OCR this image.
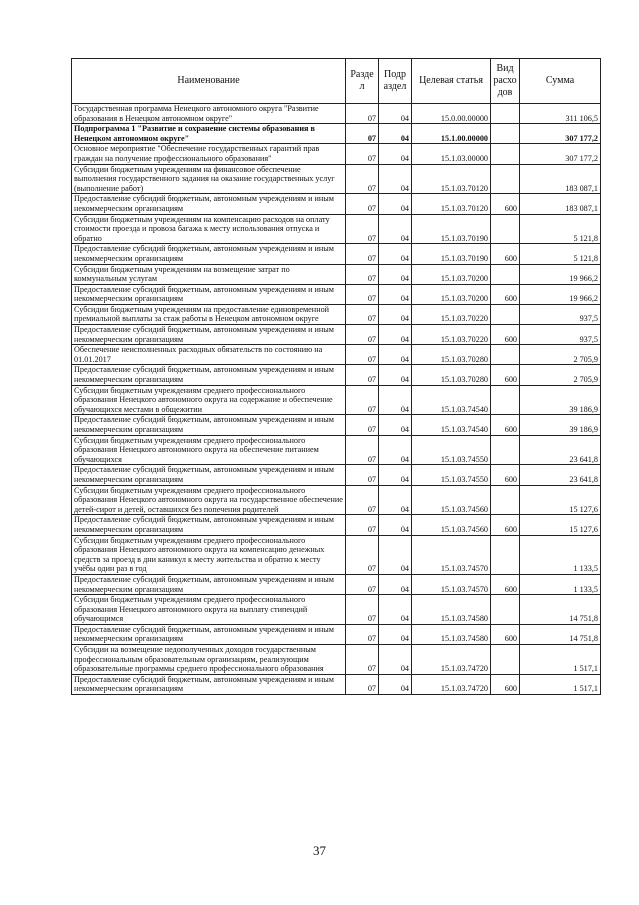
Наименование	Разде л	Подр аздел	Целевая статья	Вид расхо дов	Сумма
Государственная программа Ненецкого автономного округа "Развитие образования в Ненецком автономном округе"	07	04	15.0.00.00000		311 106,5
Подпрограмма 1 "Развитие и сохранение системы образования в Ненецком автономном округе"	07	04	15.1.00.00000		307 177,2
Основное мероприятие "Обеспечение государственных гарантий прав граждан на получение профессионального образования"	07	04	15.1.03.00000		307 177,2
Субсидии бюджетным учреждениям на финансовое обеспечение выполнения государственного задания на оказание государственных услуг (выполнение работ)	07	04	15.1.03.70120		183 087,1
Предоставление субсидий бюджетным, автономным учреждениям и иным некоммерческим организациям	07	04	15.1.03.70120	600	183 087,1
Субсидии бюджетным учреждениям на компенсацию расходов на оплату стоимости проезда и провоза багажа к месту использования отпуска и обратно	07	04	15.1.03.70190		5 121,8
Предоставление субсидий бюджетным, автономным учреждениям и иным некоммерческим организациям	07	04	15.1.03.70190	600	5 121,8
Субсидии бюджетным учреждениям на возмещение затрат по коммунальным услугам	07	04	15.1.03.70200		19 966,2
Предоставление субсидий бюджетным, автономным учреждениям и иным некоммерческим организациям	07	04	15.1.03.70200	600	19 966,2
Субсидии бюджетным учреждениям на предоставление единовременной премиальной выплаты за стаж работы в Ненецком автономном округе	07	04	15.1.03.70220		937,5
Предоставление субсидий бюджетным, автономным учреждениям и иным некоммерческим организациям	07	04	15.1.03.70220	600	937,5
Обеспечение неисполненных расходных обязательств по состоянию на 01.01.2017	07	04	15.1.03.70280		2 705,9
Предоставление субсидий бюджетным, автономным учреждениям и иным некоммерческим организациям	07	04	15.1.03.70280	600	2 705,9
Субсидии бюджетным учреждениям среднего профессионального образования Ненецкого автономного округа на содержание и обеспечение обучающихся местами в общежитии	07	04	15.1.03.74540		39 186,9
Предоставление субсидий бюджетным, автономным учреждениям и иным некоммерческим организациям	07	04	15.1.03.74540	600	39 186,9
Субсидии бюджетным учреждениям среднего профессионального образования Ненецкого автономного округа на обеспечение питанием обучающихся	07	04	15.1.03.74550		23 641,8
Предоставление субсидий бюджетным, автономным учреждениям и иным некоммерческим организациям	07	04	15.1.03.74550	600	23 641,8
Субсидии бюджетным учреждениям среднего профессионального образования Ненецкого автономного округа на государственное обеспечение детей-сирот и детей, оставшихся без попечения родителей	07	04	15.1.03.74560		15 127,6
Предоставление субсидий бюджетным, автономным учреждениям и иным некоммерческим организациям	07	04	15.1.03.74560	600	15 127,6
Субсидии бюджетным учреждениям среднего профессионального образования Ненецкого автономного округа на компенсацию денежных средств за проезд в дни каникул к месту жительства и обратно к месту учёбы один раз в год	07	04	15.1.03.74570		1 133,5
Предоставление субсидий бюджетным, автономным учреждениям и иным некоммерческим организациям	07	04	15.1.03.74570	600	1 133,5
Субсидии бюджетным учреждениям среднего профессионального образования Ненецкого автономного округа на выплату стипендий обучающимся	07	04	15.1.03.74580		14 751,8
Предоставление субсидий бюджетным, автономным учреждениям и иным некоммерческим организациям	07	04	15.1.03.74580	600	14 751,8
Субсидии на возмещение недополученных доходов государственным профессиональным образовательным организациям, реализующим образовательные программы среднего профессионального образования	07	04	15.1.03.74720		1 517,1
Предоставление субсидий бюджетным, автономным учреждениям и иным некоммерческим организациям	07	04	15.1.03.74720	600	1 517,1
37
